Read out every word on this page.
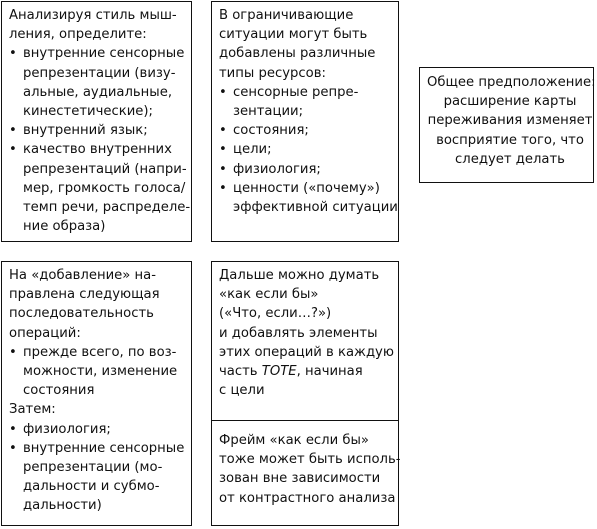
Анализируя стиль мыш-
ления, определите:
• внутренние сенсорные
репрезентации (визу-
альные, аудиальные,
кинестетические);
• внутренний язык;
• качество внутренних
репрезентаций (напри-
мер, громкость голоса/
темп речи, распределе-
ние образа)
В ограничивающие
ситуации могут быть
добавлены различные
типы ресурсов:
• сенсорные репре-
зентации;
• состояния;
• цели;
• физиология;
• ценности («почему»)
эффективной ситуации
Общее предположение:
расширение карты
переживания изменяет
восприятие того, что
следует делать
На «добавление» на-
правлена следующая
последовательность
операций:
• прежде всего, по воз-
можности, изменение
состояния
Затем:
• физиология;
• внутренние сенсорные
репрезентации (мо-
дальности и субмо-
дальности)
Дальше можно думать
«как если бы»
(«Что, если…?»)
и добавлять элементы
этих операций в каждую
часть TOTE, начиная
с цели
Фрейм «как если бы»
тоже может быть исполь-
зован вне зависимости
от контрастного анализа
